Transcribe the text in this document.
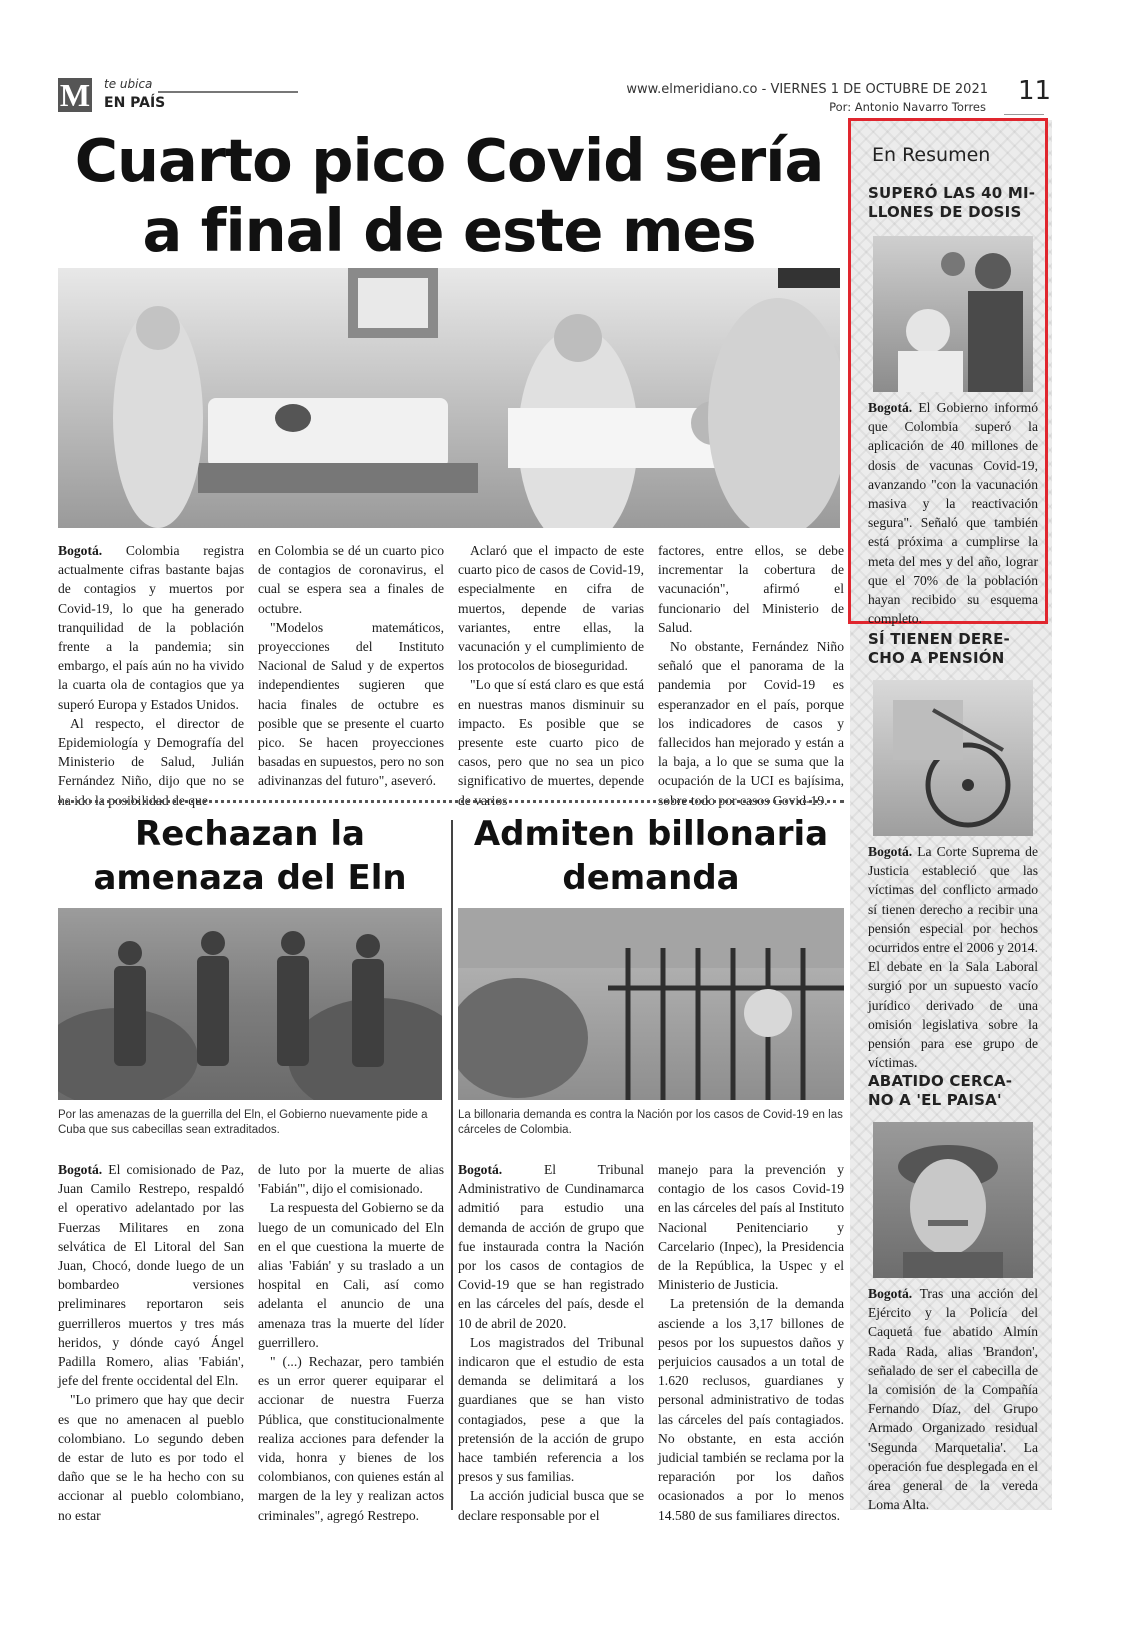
M te ubica
EN PAÍS
www.elmeridiano.co - VIERNES 1 DE OCTUBRE DE 2021
Por: Antonio Navarro Torres
11
Cuarto pico Covid sería
a final de este mes

Bogotá. Colombia registra actualmente cifras bastante bajas de contagios y muertos por Covid-19, lo que ha generado tranquilidad de la población frente a la pandemia; sin embargo, el país aún no ha vivido la cuarta ola de contagios que ya superó Europa y Estados Unidos.

Al respecto, el director de Epidemiología y Demografía del Ministerio de Salud, Julián Fernández Niño, dijo que no se ha ido la posibilidad de que

en Colombia se dé un cuarto pico de contagios de coronavirus, el cual se espera sea a finales de octubre.

"Modelos matemáticos, proyecciones del Instituto Nacional de Salud y de expertos independientes sugieren que hacia finales de octubre es posible que se presente el cuarto pico. Se hacen proyecciones basadas en supuestos, pero no son adivinanzas del futuro", aseveró.

Aclaró que el impacto de este cuarto pico de casos de Covid-19, especialmente en cifra de muertos, depende de varias variantes, entre ellas, la vacunación y el cumplimiento de los protocolos de bioseguridad.

"Lo que sí está claro es que está en nuestras manos disminuir su impacto. Es posible que se presente este cuarto pico de casos, pero que no sea un pico significativo de muertes, depende de varios

factores, entre ellos, se debe incrementar la cobertura de vacunación", afirmó el funcionario del Ministerio de Salud.

No obstante, Fernández Niño señaló que el panorama de la pandemia por Covid-19 es esperanzador en el país, porque los indicadores de casos y fallecidos han mejorado y están a la baja, a lo que se suma que la ocupación de la UCI es bajísima, sobre todo por casos Covid-19.

Rechazan la
amenaza del Eln
Por las amenazas de la guerrilla del Eln, el Gobierno nuevamente pide a Cuba que sus cabecillas sean extraditados.

Bogotá. El comisionado de Paz, Juan Camilo Restrepo, respaldó el operativo adelantado por las Fuerzas Militares en zona selvática de El Litoral del San Juan, Chocó, donde luego de un bombardeo versiones preliminares reportaron seis guerrilleros muertos y tres más heridos, y dónde cayó Ángel Padilla Romero, alias 'Fabián', jefe del frente occidental del Eln.

"Lo primero que hay que decir es que no amenacen al pueblo colombiano. Lo segundo deben de estar de luto es por todo el daño que se le ha hecho con su accionar al pueblo colombiano, no estar

de luto por la muerte de alias 'Fabián'", dijo el comisionado.

La respuesta del Gobierno se da luego de un comunicado del Eln en el que cuestiona la muerte de alias 'Fabián' y su traslado a un hospital en Cali, así como adelanta el anuncio de una amenaza tras la muerte del líder guerrillero.

" (...) Rechazar, pero también es un error querer equiparar el accionar de nuestra Fuerza Pública, que constitucionalmente realiza acciones para defender la vida, honra y bienes de los colombianos, con quienes están al margen de la ley y realizan actos criminales", agregó Restrepo.

Admiten billonaria
demanda
La billonaria demanda es contra la Nación por los casos de Covid-19 en las cárceles de Colombia.

Bogotá. El Tribunal Administrativo de Cundinamarca admitió para estudio una demanda de acción de grupo que fue instaurada contra la Nación por los casos de contagios de Covid-19 que se han registrado en las cárceles del país, desde el 10 de abril de 2020.

Los magistrados del Tribunal indicaron que el estudio de esta demanda se delimitará a los guardianes que se han visto contagiados, pese a que la pretensión de la acción de grupo hace también referencia a los presos y sus familias.

La acción judicial busca que se declare responsable por el

manejo para la prevención y contagio de los casos Covid-19 en las cárceles del país al Instituto Nacional Penitenciario y Carcelario (Inpec), la Presidencia de la República, la Uspec y el Ministerio de Justicia.

La pretensión de la demanda asciende a los 3,17 billones de pesos por los supuestos daños y perjuicios causados a un total de 1.620 reclusos, guardianes y personal administrativo de todas las cárceles del país contagiados. No obstante, en esta acción judicial también se reclama por la reparación por los daños ocasionados a por lo menos 14.580 de sus familiares directos.

En Resumen
SUPERÓ LAS 40 MI-
LLONES DE DOSIS

Bogotá. El Gobierno informó que Colombia superó la aplicación de 40 millones de dosis de vacunas Covid-19, avanzando "con la vacunación masiva y la reactivación segura". Señaló que también está próxima a cumplirse la meta del mes y del año, lograr que el 70% de la población hayan recibido su esquema completo.

SÍ TIENEN DERE-
CHO A PENSIÓN

Bogotá. La Corte Suprema de Justicia estableció que las víctimas del conflicto armado sí tienen derecho a recibir una pensión especial por hechos ocurridos entre el 2006 y 2014. El debate en la Sala Laboral surgió por un supuesto vacío jurídico derivado de una omisión legislativa sobre la pensión para ese grupo de víctimas.

ABATIDO CERCA-
NO A 'EL PAISA'

Bogotá. Tras una acción del Ejército y la Policía del Caquetá fue abatido Almín Rada Rada, alias 'Brandon', señalado de ser el cabecilla de la comisión de la Compañía Fernando Díaz, del Grupo Armado Organizado residual 'Segunda Marquetalia'. La operación fue desplegada en el área general de la vereda Loma Alta.
